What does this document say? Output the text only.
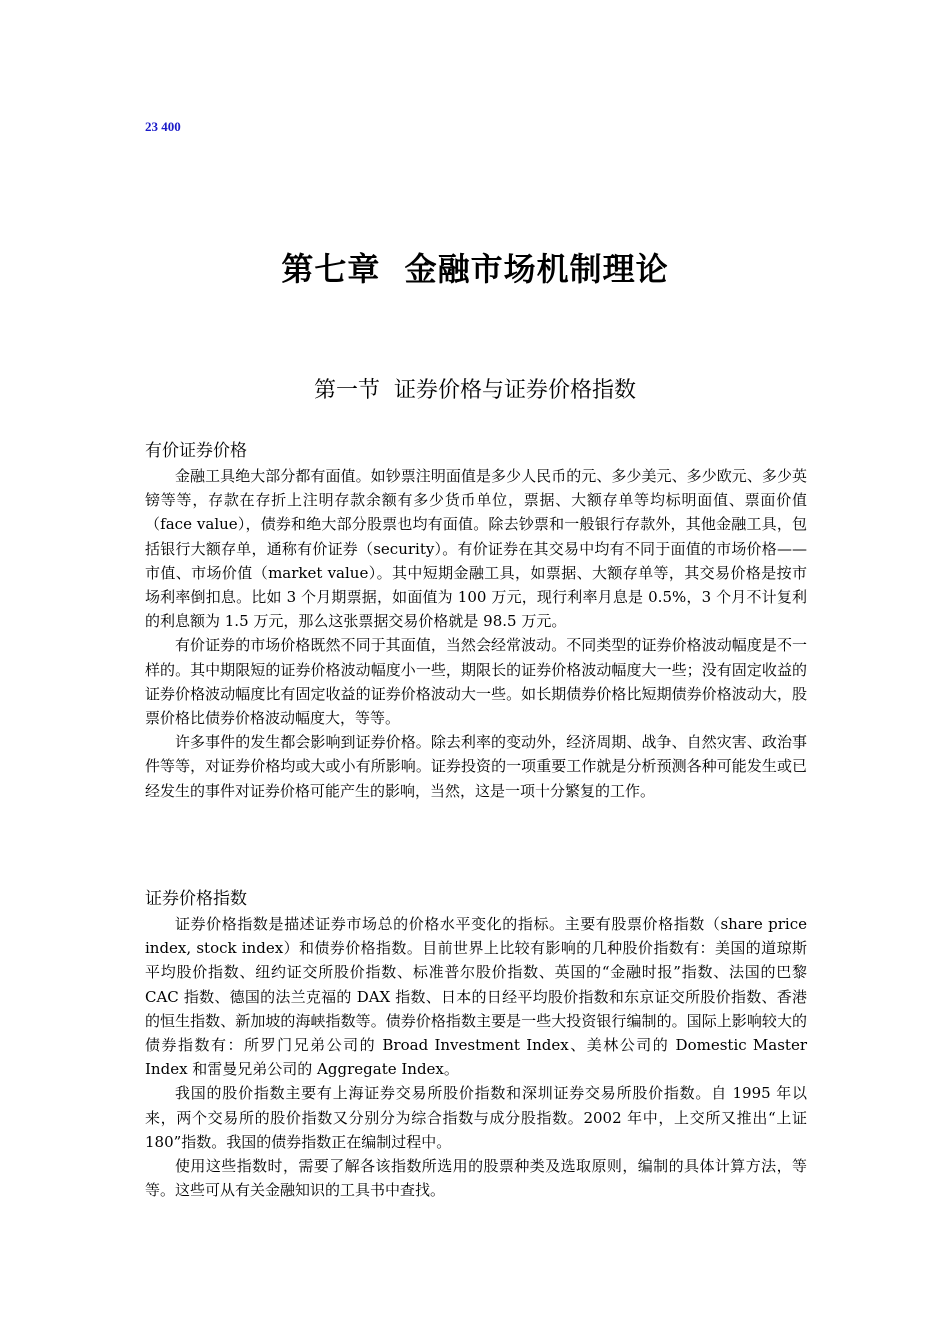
23 400
第七章  金融市场机制理论
第一节  证券价格与证券价格指数

有价证券价格

金融工具绝大部分都有面值。如钞票注明面值是多少人民币的元、多少美元、多少欧元、多少英镑等等，存款在存折上注明存款余额有多少货币单位，票据、大额存单等均标明面值、票面价值（face value），债券和绝大部分股票也均有面值。除去钞票和一般银行存款外，其他金融工具，包括银行大额存单，通称有价证券（security）。有价证券在其交易中均有不同于面值的市场价格——市值、市场价值（market value）。其中短期金融工具，如票据、大额存单等，其交易价格是按市场利率倒扣息。比如 3 个月期票据，如面值为 100 万元，现行利率月息是 0.5%，3 个月不计复利的利息额为 1.5 万元，那么这张票据交易价格就是 98.5 万元。

有价证券的市场价格既然不同于其面值，当然会经常波动。不同类型的证券价格波动幅度是不一样的。其中期限短的证券价格波动幅度小一些，期限长的证券价格波动幅度大一些；没有固定收益的证券价格波动幅度比有固定收益的证券价格波动大一些。如长期债券价格比短期债券价格波动大，股票价格比债券价格波动幅度大，等等。

许多事件的发生都会影响到证券价格。除去利率的变动外，经济周期、战争、自然灾害、政治事件等等，对证券价格均或大或小有所影响。证券投资的一项重要工作就是分析预测各种可能发生或已经发生的事件对证券价格可能产生的影响，当然，这是一项十分繁复的工作。

证券价格指数

证券价格指数是描述证券市场总的价格水平变化的指标。主要有股票价格指数（share price index, stock index）和债券价格指数。目前世界上比较有影响的几种股价指数有：美国的道琼斯平均股价指数、纽约证交所股价指数、标准普尔股价指数、英国的“金融时报”指数、法国的巴黎 CAC 指数、德国的法兰克福的 DAX 指数、日本的日经平均股价指数和东京证交所股价指数、香港的恒生指数、新加坡的海峡指数等。债券价格指数主要是一些大投资银行编制的。国际上影响较大的债券指数有：所罗门兄弟公司的 Broad Investment Index、美林公司的 Domestic Master Index 和雷曼兄弟公司的 Aggregate Index。

我国的股价指数主要有上海证券交易所股价指数和深圳证券交易所股价指数。自 1995 年以来，两个交易所的股价指数又分别分为综合指数与成分股指数。2002 年中，上交所又推出“上证 180”指数。我国的债券指数正在编制过程中。

使用这些指数时，需要了解各该指数所选用的股票种类及选取原则，编制的具体计算方法，等等。这些可从有关金融知识的工具书中查找。
